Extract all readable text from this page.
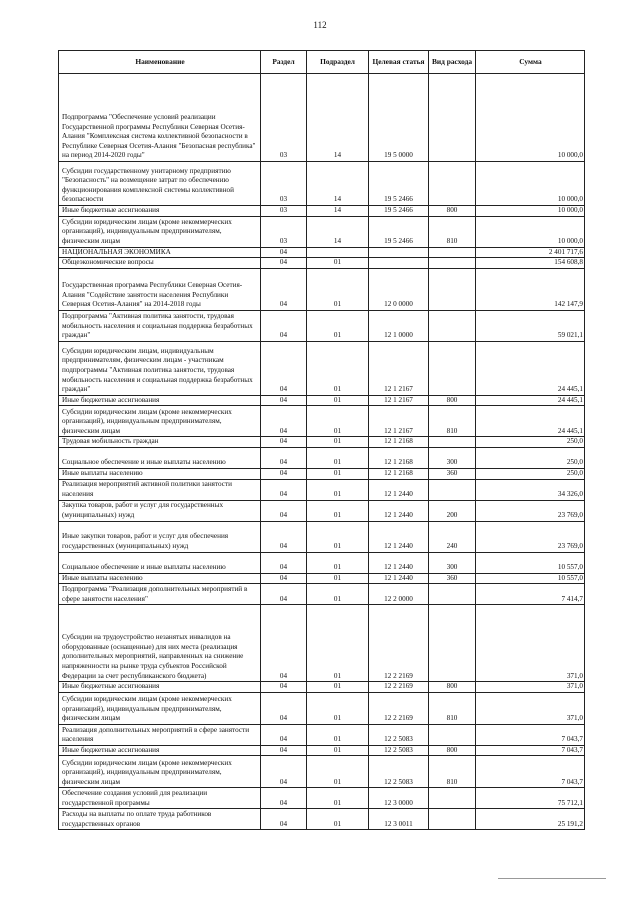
112
Наименование	Раздел	Подраздел	Целевая статья	Вид расхода	Сумма
Подпрограмма "Обеспечение условий реализации Государственной программы Республики Северная Осетия-Алания "Комплексная система коллективной безопасности в Республике Северная Осетия-Алания "Безопасная республика" на период 2014-2020 годы"	03	14	19 5 0000		10 000,0
Субсидии государственному унитарному предприятию "Безопасность" на возмещение затрат по обеспечению функционирования комплексной системы коллективной безопасности	03	14	19 5 2466		10 000,0
Иные бюджетные ассигнования	03	14	19 5 2466	800	10 000,0
Субсидии юридическим лицам (кроме некоммерческих организаций), индивидуальным предпринимателям, физическим лицам	03	14	19 5 2466	810	10 000,0
НАЦИОНАЛЬНАЯ ЭКОНОМИКА	04				2 401 717,6
Общеэкономические вопросы	04	01			154 608,8
Государственная программа Республики Северная Осетия-Алания "Содействие занятости населения Республики Северная Осетия-Алания" на 2014-2018 годы	04	01	12 0 0000		142 147,9
Подпрограмма "Активная политика занятости, трудовая мобильность населения и социальная поддержка безработных граждан"	04	01	12 1 0000		59 021,1
Субсидии юридическим лицам, индивидуальным предпринимателям, физическим лицам - участникам подпрограммы "Активная политика занятости, трудовая мобильность населения и социальная поддержка безработных граждан"	04	01	12 1 2167		24 445,1
Иные бюджетные ассигнования	04	01	12 1 2167	800	24 445,1
Субсидии юридическим лицам (кроме некоммерческих организаций), индивидуальным предпринимателям, физическим лицам	04	01	12 1 2167	810	24 445,1
Трудовая мобильность граждан	04	01	12 1 2168		250,0
Социальное обеспечение и иные выплаты населению	04	01	12 1 2168	300	250,0
Иные выплаты населению	04	01	12 1 2168	360	250,0
Реализация мероприятий активной политики занятости населения	04	01	12 1 2440		34 326,0
Закупка товаров, работ и услуг для государственных (муниципальных) нужд	04	01	12 1 2440	200	23 769,0
Иные закупки товаров, работ и услуг для обеспечения государственных (муниципальных) нужд	04	01	12 1 2440	240	23 769,0
Социальное обеспечение и иные выплаты населению	04	01	12 1 2440	300	10 557,0
Иные выплаты населению	04	01	12 1 2440	360	10 557,0
Подпрограмма "Реализация дополнительных мероприятий в сфере занятости населения"	04	01	12 2 0000		7 414,7
Субсидии на трудоустройство незанятых инвалидов на оборудованные (оснащенные) для них места (реализация дополнительных мероприятий, направленных на снижение напряженности на рынке труда субъектов Российской Федерации за счет республиканского бюджета)	04	01	12 2 2169		371,0
Иные бюджетные ассигнования	04	01	12 2 2169	800	371,0
Субсидии юридическим лицам (кроме некоммерческих организаций), индивидуальным предпринимателям, физическим лицам	04	01	12 2 2169	810	371,0
Реализация дополнительных мероприятий в сфере занятости населения	04	01	12 2 5083		7 043,7
Иные бюджетные ассигнования	04	01	12 2 5083	800	7 043,7
Субсидии юридическим лицам (кроме некоммерческих организаций), индивидуальным предпринимателям, физическим лицам	04	01	12 2 5083	810	7 043,7
Обеспечение создания условий для реализации государственной программы	04	01	12 3 0000		75 712,1
Расходы на выплаты по оплате труда работников государственных органов	04	01	12 3 0011		25 191,2
